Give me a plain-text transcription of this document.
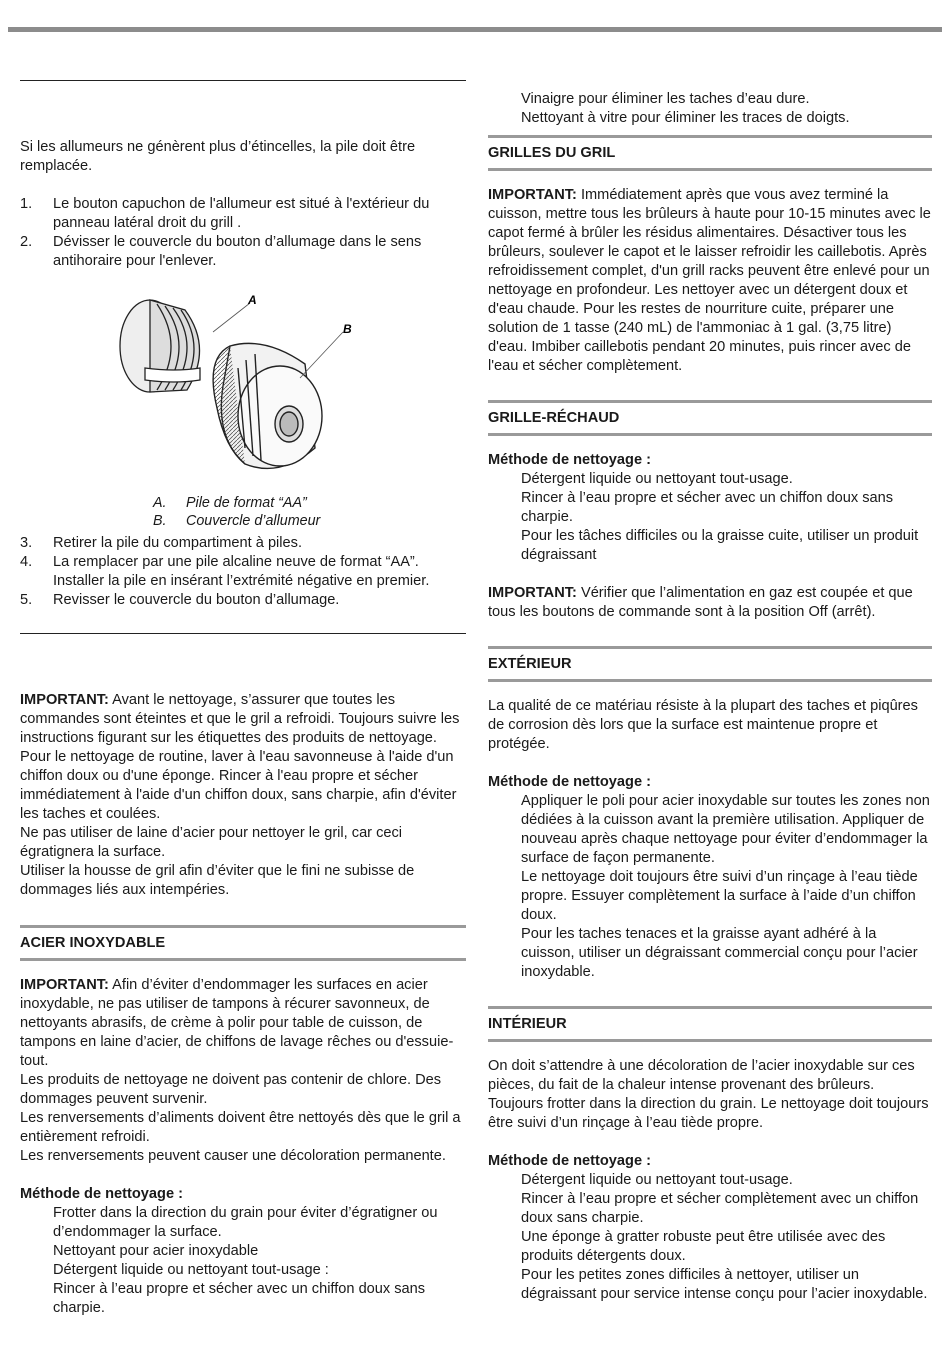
Si les allumeurs ne génèrent plus d’étincelles, la pile doit être remplacée.

1. Le bouton capuchon de l'allumeur est situé à l'extérieur du panneau latéral droit du grill .
2. Dévisser le couvercle du bouton d’allumage dans le sens antihoraire pour l'enlever.
A
B
A. Pile de format “AA”
B. Couvercle d’allumeur
3. Retirer la pile du compartiment à piles.
4. La remplacer par une pile alcaline neuve de format “AA”. Installer la pile en insérant l’extrémité négative en premier.
5. Revisser le couvercle du bouton d’allumage.

IMPORTANT: Avant le nettoyage, s’assurer que toutes les commandes sont éteintes et que le gril a refroidi. Toujours suivre les instructions figurant sur les étiquettes des produits de nettoyage.

Pour le nettoyage de routine, laver à l'eau savonneuse à l'aide d'un chiffon doux ou d'une éponge. Rincer à l'eau propre et sécher immédiatement à l'aide d'un chiffon doux, sans charpie, afin d'éviter les taches et coulées.

Ne pas utiliser de laine d’acier pour nettoyer le gril, car ceci égratignera la surface.

Utiliser la housse de gril afin d’éviter que le fini ne subisse de dommages liés aux intempéries.

ACIER INOXYDABLE

IMPORTANT: Afin d’éviter d’endommager les surfaces en acier inoxydable, ne pas utiliser de tampons à récurer savonneux, de nettoyants abrasifs, de crème à polir pour table de cuisson, de tampons en laine d’acier, de chiffons de lavage rêches ou d'essuie-tout.

Les produits de nettoyage ne doivent pas contenir de chlore. Des dommages peuvent survenir.

Les renversements d’aliments doivent être nettoyés dès que le gril a entièrement refroidi.

Les renversements peuvent causer une décoloration permanente.

Méthode de nettoyage :

Frotter dans la direction du grain pour éviter d’égratigner ou d’endommager la surface.

Nettoyant pour acier inoxydable

Détergent liquide ou nettoyant tout-usage :

Rincer à l’eau propre et sécher avec un chiffon doux sans charpie.

Vinaigre pour éliminer les taches d’eau dure.

Nettoyant à vitre pour éliminer les traces de doigts.

GRILLES DU GRIL

IMPORTANT: Immédiatement après que vous avez terminé la cuisson, mettre tous les brûleurs à haute pour 10-15 minutes avec le capot fermé à brûler les résidus alimentaires. Désactiver tous les brûleurs, soulever le capot et le laisser refroidir les caillebotis. Après refroidissement complet, d'un grill racks peuvent être enlevé pour un nettoyage en profondeur. Les nettoyer avec un détergent doux et d'eau chaude. Pour les restes de nourriture cuite, préparer une solution de 1 tasse (240 mL) de l'ammoniac à 1 gal. (3,75 litre) d'eau. Imbiber caillebotis pendant 20 minutes, puis rincer avec de l'eau et sécher complètement.

GRILLE-RÉCHAUD

Méthode de nettoyage :

Détergent liquide ou nettoyant tout-usage.

Rincer à l’eau propre et sécher avec un chiffon doux sans charpie.

Pour les tâches difficiles ou la graisse cuite, utiliser un produit dégraissant

IMPORTANT: Vérifier que l’alimentation en gaz est coupée et que tous les boutons de commande sont à la position Off (arrêt).

EXTÉRIEUR

La qualité de ce matériau résiste à la plupart des taches et piqûres de corrosion dès lors que la surface est maintenue propre et protégée.

Méthode de nettoyage :

Appliquer le poli pour acier inoxydable sur toutes les zones non dédiées à la cuisson avant la première utilisation. Appliquer de nouveau après chaque nettoyage pour éviter d’endommager la surface de façon permanente.

Le nettoyage doit toujours être suivi d’un rinçage à l’eau tiède propre. Essuyer complètement la surface à l’aide d’un chiffon doux.

Pour les taches tenaces et la graisse ayant adhéré à la cuisson, utiliser un dégraissant commercial conçu pour l’acier inoxydable.

INTÉRIEUR

On doit s’attendre à une décoloration de l’acier inoxydable sur ces pièces, du fait de la chaleur intense provenant des brûleurs. Toujours frotter dans la direction du grain. Le nettoyage doit toujours être suivi d’un rinçage à l’eau tiède propre.

Méthode de nettoyage :

Détergent liquide ou nettoyant tout-usage.

Rincer à l’eau propre et sécher complètement avec un chiffon doux sans charpie.

Une éponge à gratter robuste peut être utilisée avec des produits détergents doux.

Pour les petites zones difficiles à nettoyer, utiliser un dégraissant pour service intense conçu pour l’acier inoxydable.
